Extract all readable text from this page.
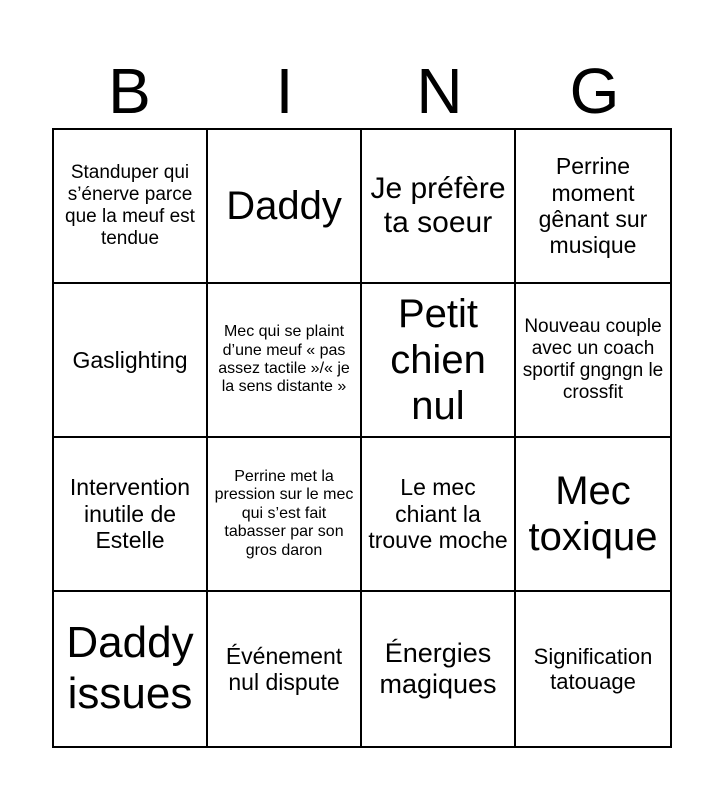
B	I	N	G
Standuper qui s’énerve parce que la meuf est tendue
Daddy Je préfère ta soeur
Perrine moment gênant sur musique
Gaslighting
Mec qui se plaint d’une meuf « pas assez tactile »/« je la sens distante »
Petit chien nul
Nouveau couple avec un coach sportif gngngn le crossfit
Intervention inutile de Estelle
Perrine met la pression sur le mec qui s’est fait tabasser par son gros daron
Le mec chiant la trouve moche
Mec toxique
Daddy issues
Événement nul dispute
Énergies magiques
Signification tatouage
